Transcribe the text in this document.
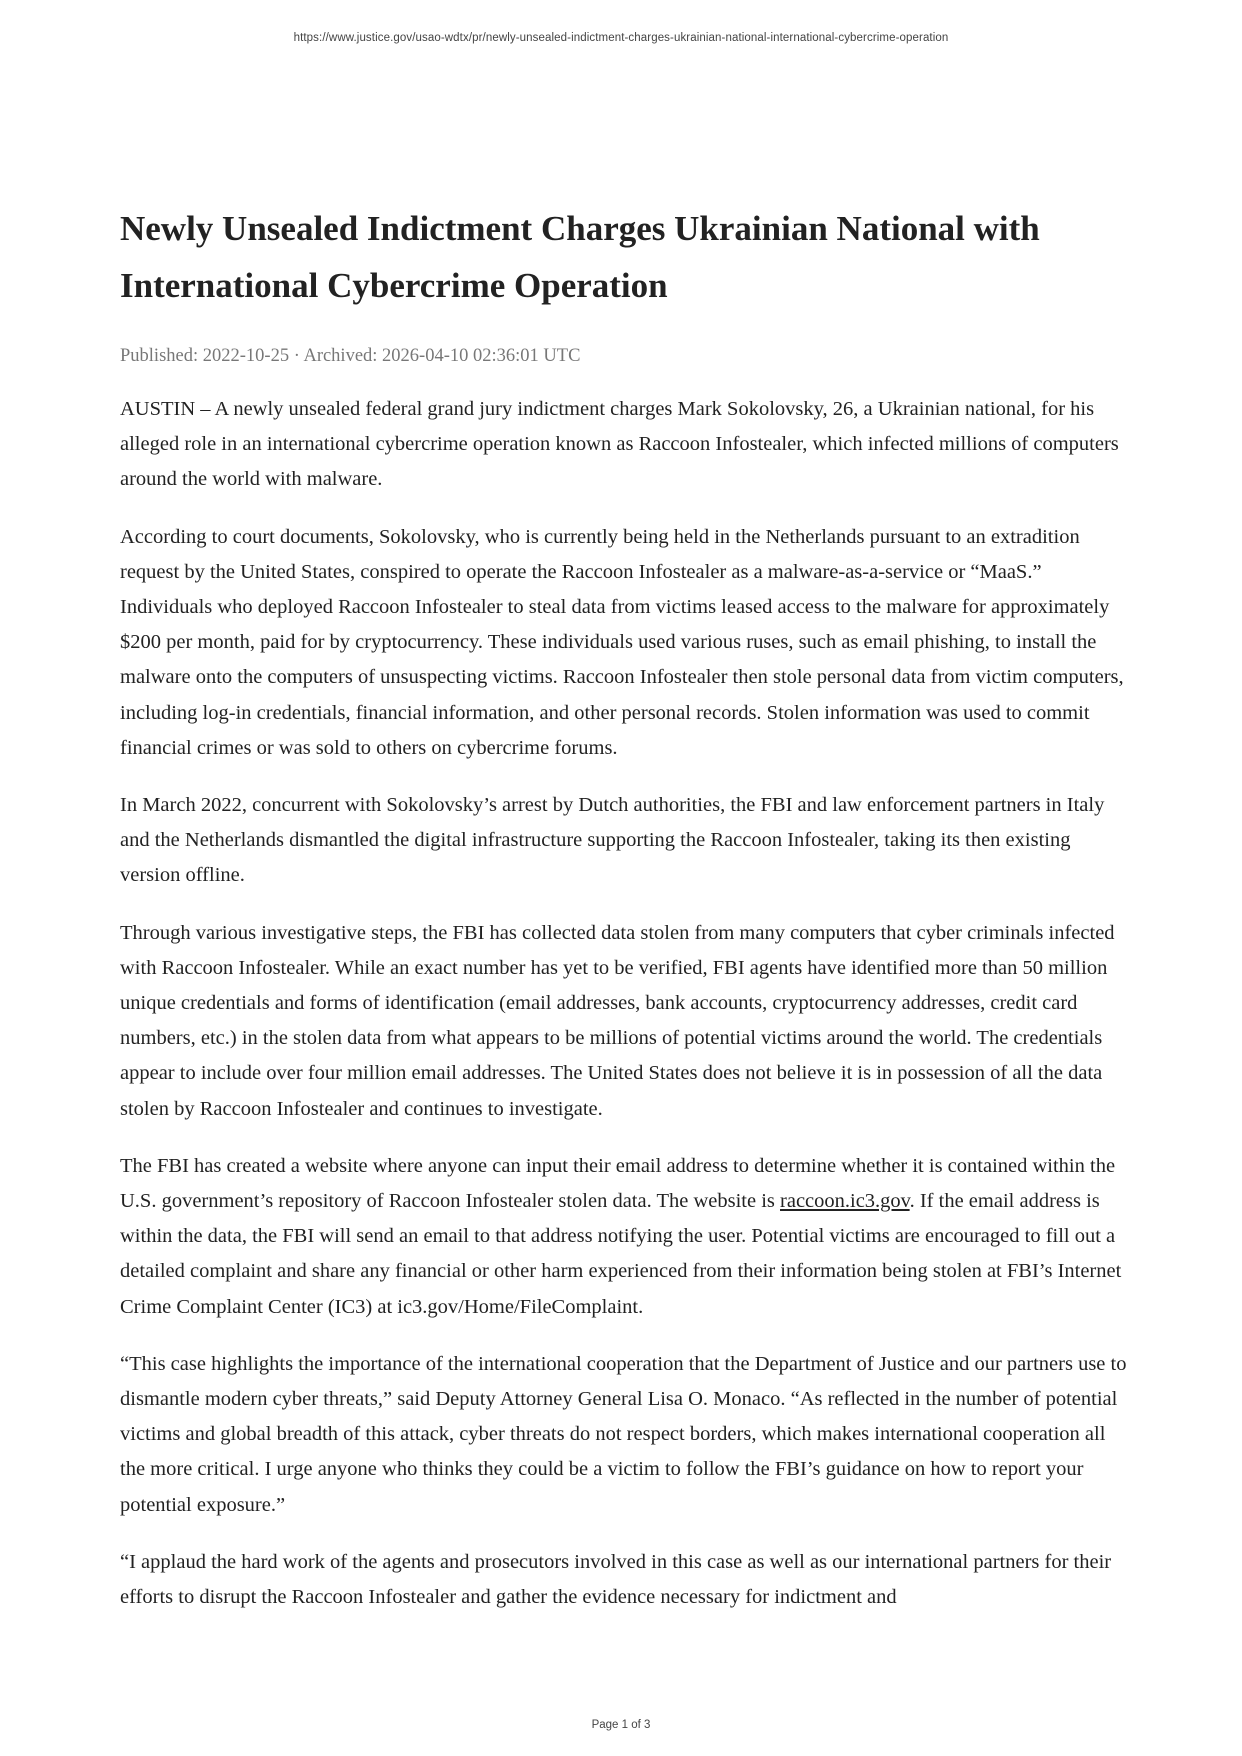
https://www.justice.gov/usao-wdtx/pr/newly-unsealed-indictment-charges-ukrainian-national-international-cybercrime-operation
Newly Unsealed Indictment Charges Ukrainian National with International Cybercrime Operation
Published: 2022-10-25 · Archived: 2026-04-10 02:36:01 UTC

AUSTIN – A newly unsealed federal grand jury indictment charges Mark Sokolovsky, 26, a Ukrainian national, for his alleged role in an international cybercrime operation known as Raccoon Infostealer, which infected millions of computers around the world with malware.

According to court documents, Sokolovsky, who is currently being held in the Netherlands pursuant to an extradition request by the United States, conspired to operate the Raccoon Infostealer as a malware-as-a-service or “MaaS.” Individuals who deployed Raccoon Infostealer to steal data from victims leased access to the malware for approximately $200 per month, paid for by cryptocurrency. These individuals used various ruses, such as email phishing, to install the malware onto the computers of unsuspecting victims. Raccoon Infostealer then stole personal data from victim computers, including log-in credentials, financial information, and other personal records. Stolen information was used to commit financial crimes or was sold to others on cybercrime forums.

In March 2022, concurrent with Sokolovsky’s arrest by Dutch authorities, the FBI and law enforcement partners in Italy and the Netherlands dismantled the digital infrastructure supporting the Raccoon Infostealer, taking its then existing version offline.

Through various investigative steps, the FBI has collected data stolen from many computers that cyber criminals infected with Raccoon Infostealer. While an exact number has yet to be verified, FBI agents have identified more than 50 million unique credentials and forms of identification (email addresses, bank accounts, cryptocurrency addresses, credit card numbers, etc.) in the stolen data from what appears to be millions of potential victims around the world. The credentials appear to include over four million email addresses. The United States does not believe it is in possession of all the data stolen by Raccoon Infostealer and continues to investigate.

The FBI has created a website where anyone can input their email address to determine whether it is contained within the U.S. government’s repository of Raccoon Infostealer stolen data. The website is raccoon.ic3.gov. If the email address is within the data, the FBI will send an email to that address notifying the user. Potential victims are encouraged to fill out a detailed complaint and share any financial or other harm experienced from their information being stolen at FBI’s Internet Crime Complaint Center (IC3) at ic3.gov/Home/FileComplaint.

“This case highlights the importance of the international cooperation that the Department of Justice and our partners use to dismantle modern cyber threats,” said Deputy Attorney General Lisa O. Monaco. “As reflected in the number of potential victims and global breadth of this attack, cyber threats do not respect borders, which makes international cooperation all the more critical. I urge anyone who thinks they could be a victim to follow the FBI’s guidance on how to report your potential exposure.”

“I applaud the hard work of the agents and prosecutors involved in this case as well as our international partners for their efforts to disrupt the Raccoon Infostealer and gather the evidence necessary for indictment and

Page 1 of 3
